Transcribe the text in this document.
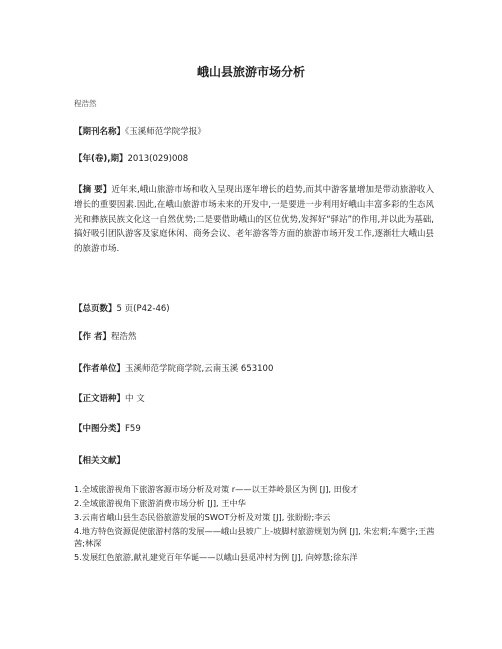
峨山县旅游市场分析
程浩然
【期刊名称】《玉溪师范学院学报》
【年(卷),期】2013(029)008
【摘 要】近年来,峨山旅游市场和收入呈现出逐年增长的趋势,而其中游客量增加是带动旅游收入增长的重要因素.因此,在峨山旅游市场未来的开发中,一是要进一步利用好峨山丰富多彩的生态风光和彝族民族文化这一自然优势;二是要借助峨山的区位优势,发挥好“驿站”的作用,并以此为基础,搞好吸引团队游客及家庭休闲、商务会议、老年游客等方面的旅游市场开发工作,逐渐壮大峨山县的旅游市场.
【总页数】5 页(P42-46)
【作 者】程浩然
【作者单位】玉溪师范学院商学院,云南玉溪 653100
【正文语种】中 文
【中图分类】F59
【相关文献】
1.全域旅游视角下旅游客源市场分析及对策 r——以王莽岭景区为例 [J], 田俊才
2.全域旅游视角下旅游消费市场分析 [J], 王中华
3.云南省峨山县生态民俗旅游发展的SWOT分析及对策 [J], 张盼盼;李云
4.地方特色资源促使旅游村落的发展——峨山县坡广上-坡脚村旅游规划为例 [J], 朱宏莉;车霙宇;王茜茜;林深
5.发展红色旅游,献礼建党百年华诞——以峨山县觅冲村为例 [J], 向婷慧;徐东洋
